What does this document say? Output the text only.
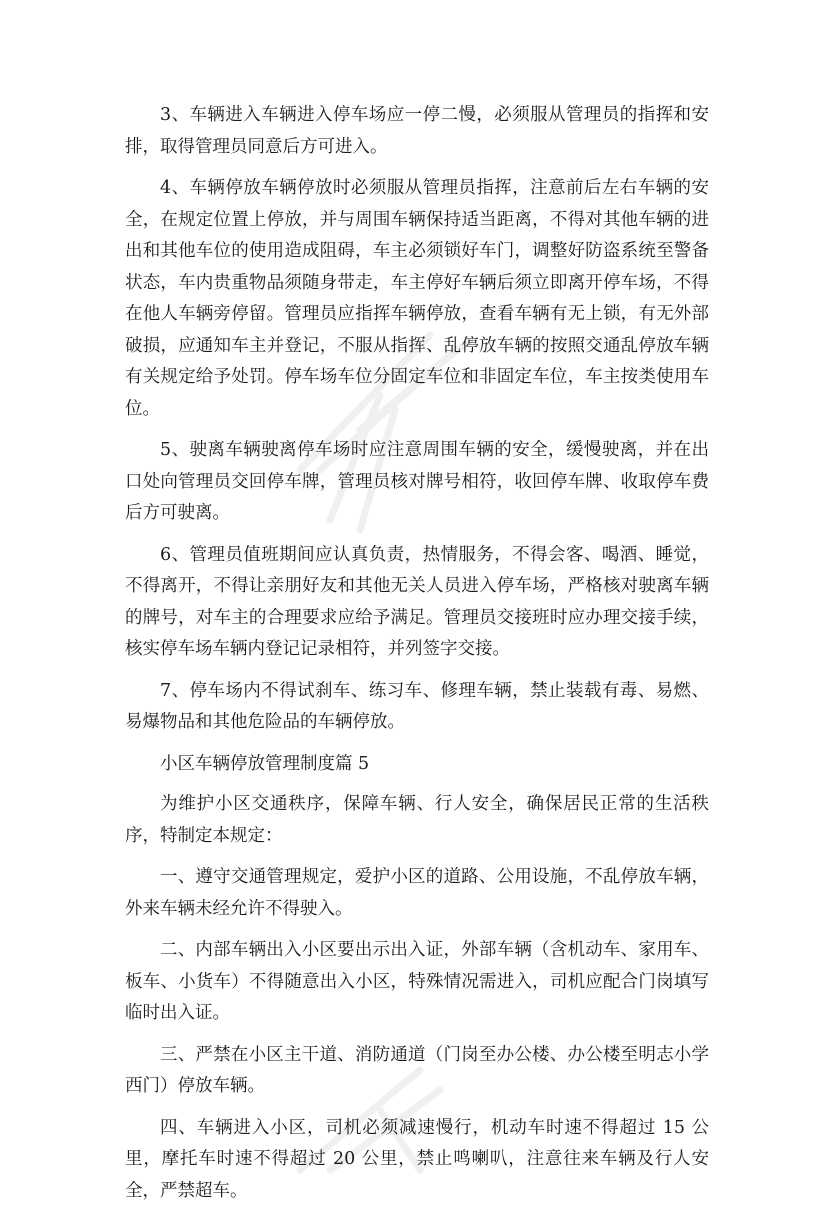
3、车辆进入车辆进入停车场应一停二慢，必须服从管理员的指挥和安排，取得管理员同意后方可进入。

4、车辆停放车辆停放时必须服从管理员指挥，注意前后左右车辆的安全，在规定位置上停放，并与周围车辆保持适当距离，不得对其他车辆的进出和其他车位的使用造成阻碍，车主必须锁好车门，调整好防盗系统至警备状态，车内贵重物品须随身带走，车主停好车辆后须立即离开停车场，不得在他人车辆旁停留。管理员应指挥车辆停放，查看车辆有无上锁，有无外部破损，应通知车主并登记，不服从指挥、乱停放车辆的按照交通乱停放车辆有关规定给予处罚。停车场车位分固定车位和非固定车位，车主按类使用车位。

5、驶离车辆驶离停车场时应注意周围车辆的安全，缓慢驶离，并在出口处向管理员交回停车牌，管理员核对牌号相符，收回停车牌、收取停车费后方可驶离。

6、管理员值班期间应认真负责，热情服务，不得会客、喝酒、睡觉，不得离开，不得让亲朋好友和其他无关人员进入停车场，严格核对驶离车辆的牌号，对车主的合理要求应给予满足。管理员交接班时应办理交接手续，核实停车场车辆内登记记录相符，并列签字交接。

7、停车场内不得试刹车、练习车、修理车辆，禁止装载有毒、易燃、易爆物品和其他危险品的车辆停放。

小区车辆停放管理制度篇 5

为维护小区交通秩序，保障车辆、行人安全，确保居民正常的生活秩序，特制定本规定：

一、遵守交通管理规定，爱护小区的道路、公用设施，不乱停放车辆，外来车辆未经允许不得驶入。

二、内部车辆出入小区要出示出入证，外部车辆（含机动车、家用车、板车、小货车）不得随意出入小区，特殊情况需进入，司机应配合门岗填写临时出入证。

三、严禁在小区主干道、消防通道（门岗至办公楼、办公楼至明志小学西门）停放车辆。

四、车辆进入小区，司机必须减速慢行，机动车时速不得超过 15 公里，摩托车时速不得超过 20 公里，禁止鸣喇叭，注意往来车辆及行人安全，严禁超车。
